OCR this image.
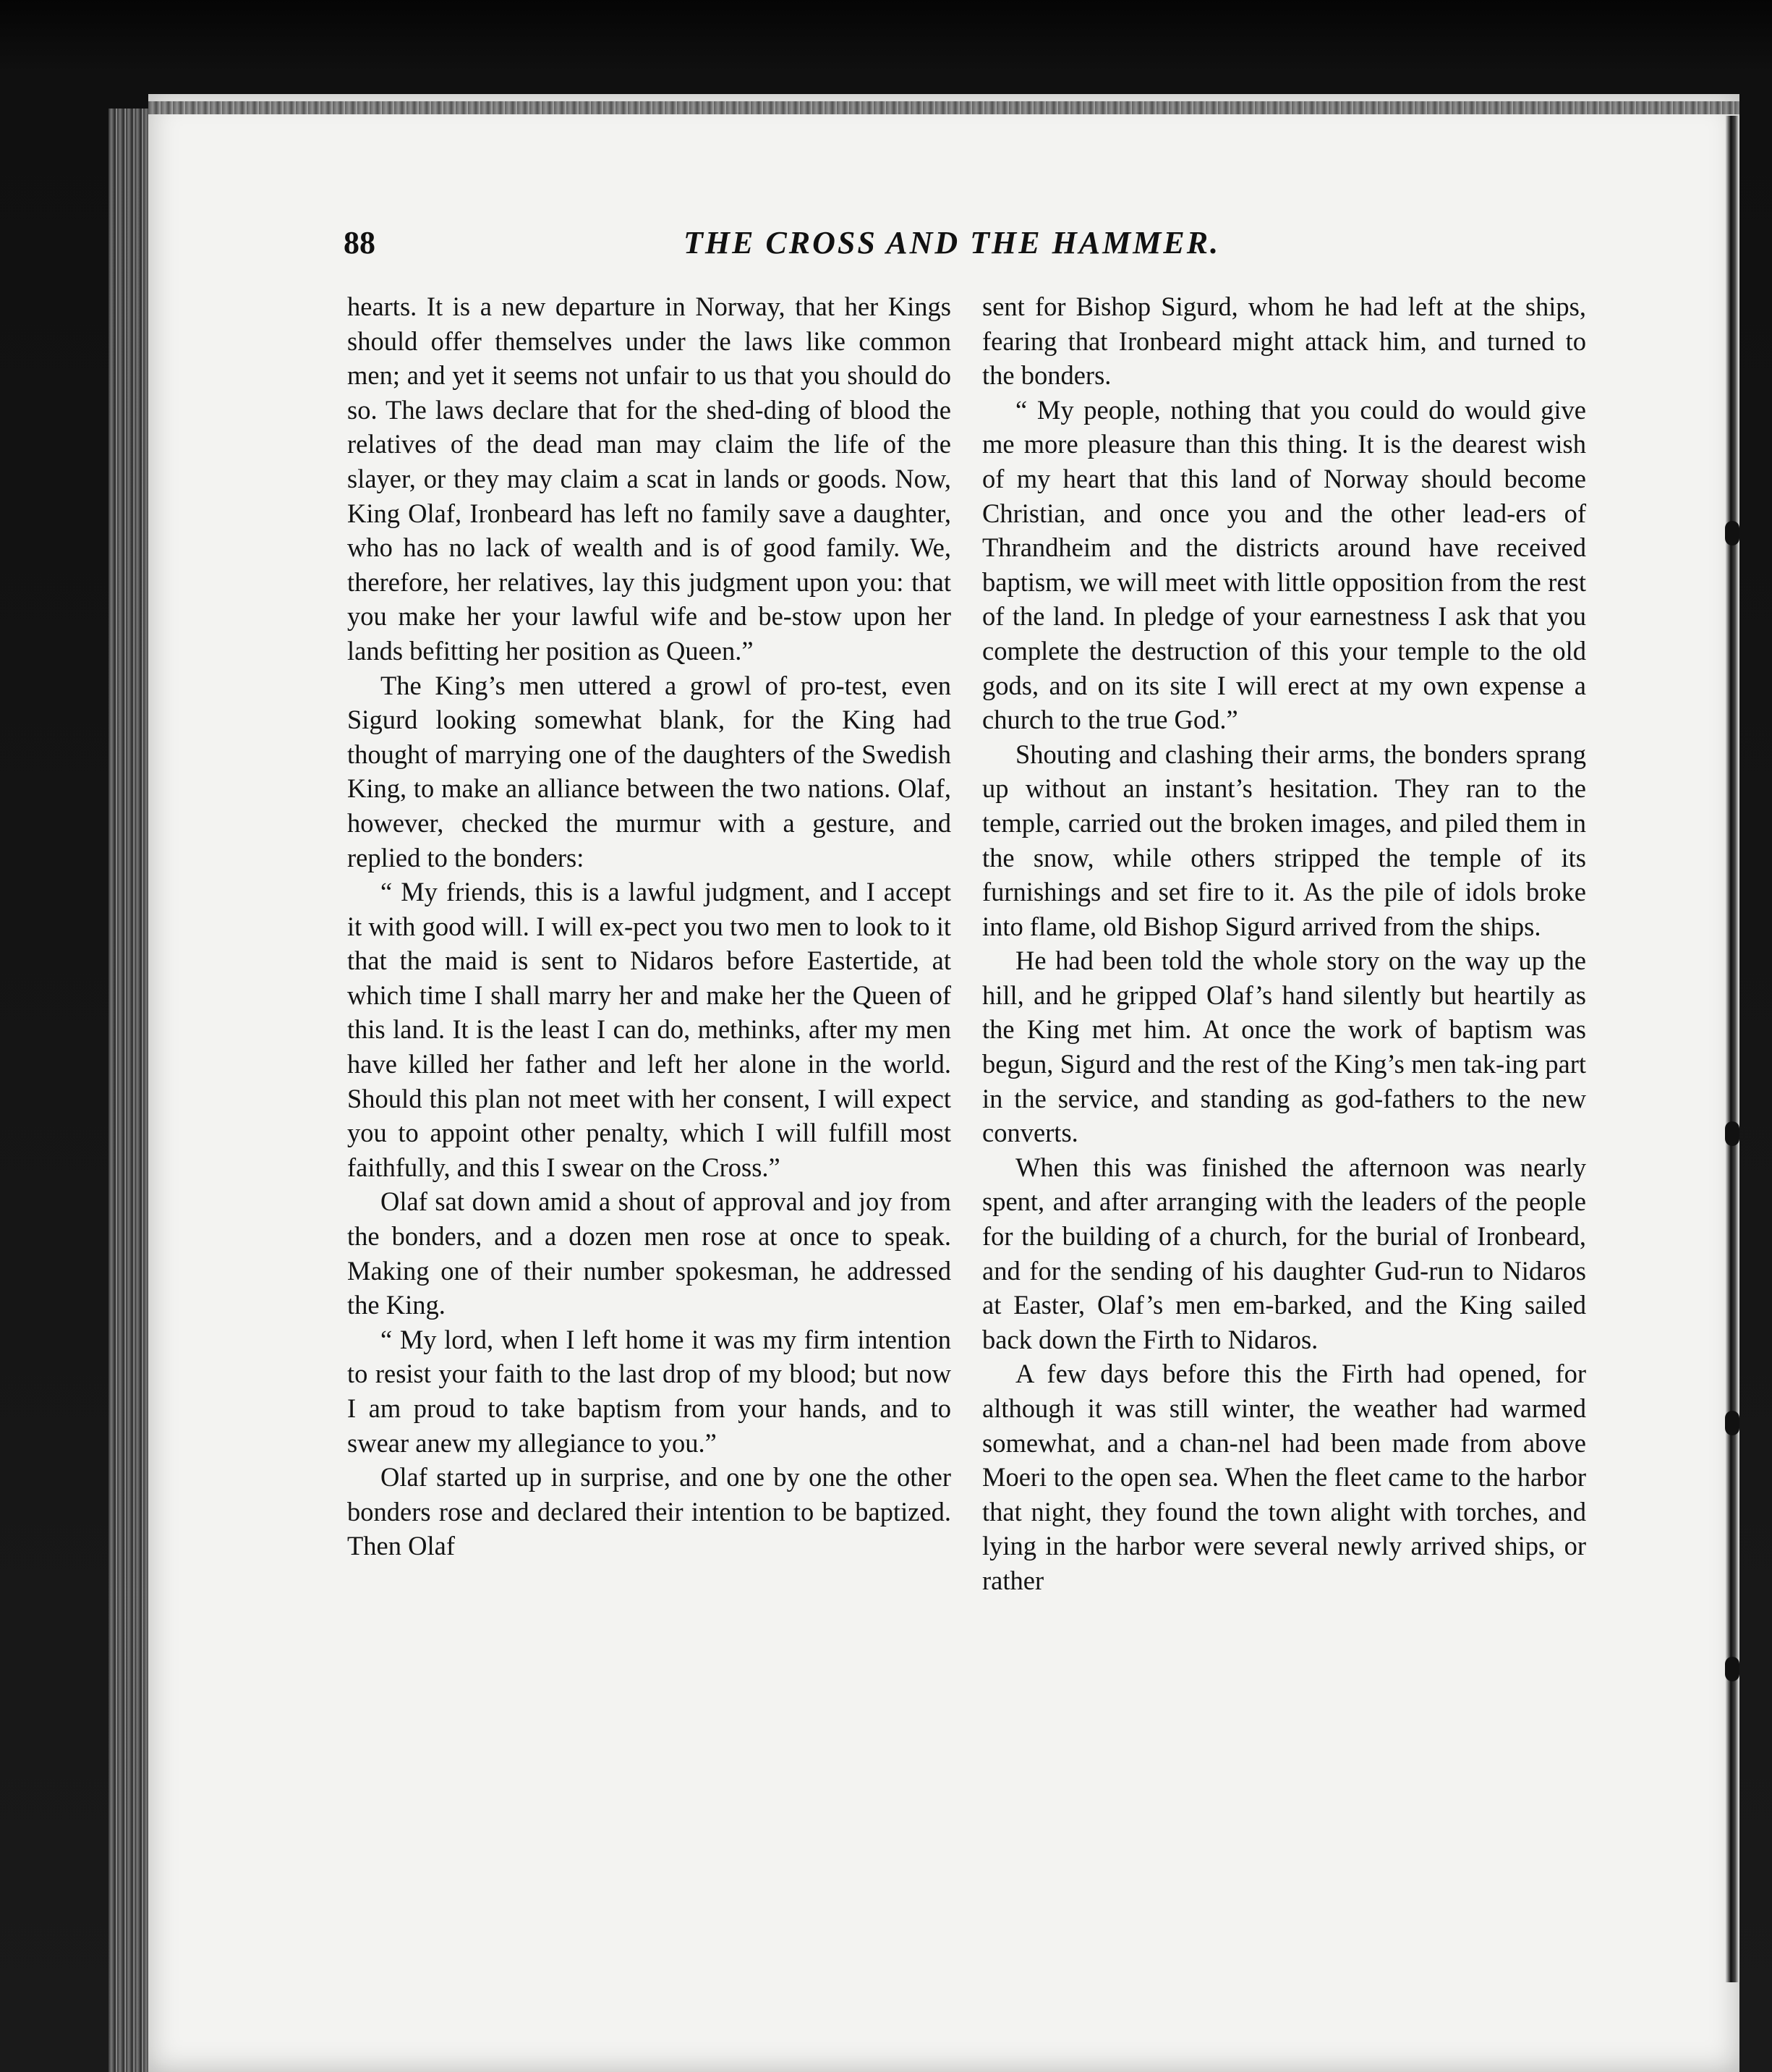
88	THE CROSS AND THE HAMMER.

hearts. It is a new departure in Norway, that her Kings should offer themselves under the laws like common men; and yet it seems not unfair to us that you should do so. The laws declare that for the shed-ding of blood the relatives of the dead man may claim the life of the slayer, or they may claim a scat in lands or goods. Now, King Olaf, Ironbeard has left no family save a daughter, who has no lack of wealth and is of good family. We, therefore, her relatives, lay this judgment upon you: that you make her your lawful wife and be-stow upon her lands befitting her position as Queen.”

The King’s men uttered a growl of pro-test, even Sigurd looking somewhat blank, for the King had thought of marrying one of the daughters of the Swedish King, to make an alliance between the two nations. Olaf, however, checked the murmur with a gesture, and replied to the bonders:

“ My friends, this is a lawful judgment, and I accept it with good will. I will ex-pect you two men to look to it that the maid is sent to Nidaros before Eastertide, at which time I shall marry her and make her the Queen of this land. It is the least I can do, methinks, after my men have killed her father and left her alone in the world. Should this plan not meet with her consent, I will expect you to appoint other penalty, which I will fulfill most faithfully, and this I swear on the Cross.”

Olaf sat down amid a shout of approval and joy from the bonders, and a dozen men rose at once to speak. Making one of their number spokesman, he addressed the King.

“ My lord, when I left home it was my firm intention to resist your faith to the last drop of my blood; but now I am proud to take baptism from your hands, and to swear anew my allegiance to you.”

Olaf started up in surprise, and one by one the other bonders rose and declared their intention to be baptized. Then Olaf

sent for Bishop Sigurd, whom he had left at the ships, fearing that Ironbeard might attack him, and turned to the bonders.

“ My people, nothing that you could do would give me more pleasure than this thing. It is the dearest wish of my heart that this land of Norway should become Christian, and once you and the other lead-ers of Thrandheim and the districts around have received baptism, we will meet with little opposition from the rest of the land. In pledge of your earnestness I ask that you complete the destruction of this your temple to the old gods, and on its site I will erect at my own expense a church to the true God.”

Shouting and clashing their arms, the bonders sprang up without an instant’s hesitation. They ran to the temple, carried out the broken images, and piled them in the snow, while others stripped the temple of its furnishings and set fire to it. As the pile of idols broke into flame, old Bishop Sigurd arrived from the ships.

He had been told the whole story on the way up the hill, and he gripped Olaf’s hand silently but heartily as the King met him. At once the work of baptism was begun, Sigurd and the rest of the King’s men tak-ing part in the service, and standing as god-fathers to the new converts.

When this was finished the afternoon was nearly spent, and after arranging with the leaders of the people for the building of a church, for the burial of Ironbeard, and for the sending of his daughter Gud-run to Nidaros at Easter, Olaf’s men em-barked, and the King sailed back down the Firth to Nidaros.

A few days before this the Firth had opened, for although it was still winter, the weather had warmed somewhat, and a chan-nel had been made from above Moeri to the open sea. When the fleet came to the harbor that night, they found the town alight with torches, and lying in the harbor were several newly arrived ships, or rather
